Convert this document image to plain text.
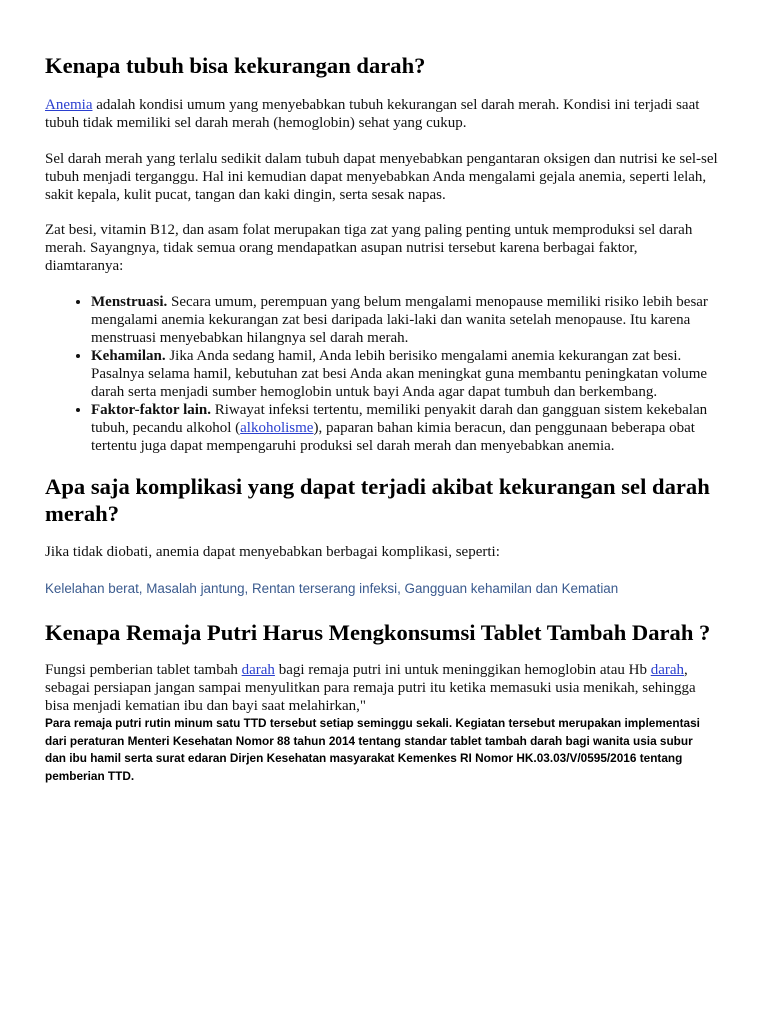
Kenapa tubuh bisa kekurangan darah?

Anemia adalah kondisi umum yang menyebabkan tubuh kekurangan sel darah merah. Kondisi ini terjadi saat
tubuh tidak memiliki sel darah merah (hemoglobin) sehat yang cukup.

Sel darah merah yang terlalu sedikit dalam tubuh dapat menyebabkan pengantaran oksigen dan nutrisi ke sel-sel
tubuh menjadi terganggu. Hal ini kemudian dapat menyebabkan Anda mengalami gejala anemia, seperti lelah,
sakit kepala, kulit pucat, tangan dan kaki dingin, serta sesak napas.

Zat besi, vitamin B12, dan asam folat merupakan tiga zat yang paling penting untuk memproduksi sel darah
merah. Sayangnya, tidak semua orang mendapatkan asupan nutrisi tersebut karena berbagai faktor,
diamtaranya:

• Menstruasi. Secara umum, perempuan yang belum mengalami menopause memiliki risiko lebih besar
mengalami anemia kekurangan zat besi daripada laki-laki dan wanita setelah menopause. Itu karena
menstruasi menyebabkan hilangnya sel darah merah.
• Kehamilan. Jika Anda sedang hamil, Anda lebih berisiko mengalami anemia kekurangan zat besi.
Pasalnya selama hamil, kebutuhan zat besi Anda akan meningkat guna membantu peningkatan volume
darah serta menjadi sumber hemoglobin untuk bayi Anda agar dapat tumbuh dan berkembang.
• Faktor-faktor lain. Riwayat infeksi tertentu, memiliki penyakit darah dan gangguan sistem kekebalan
tubuh, pecandu alkohol (alkoholisme), paparan bahan kimia beracun, dan penggunaan beberapa obat
tertentu juga dapat mempengaruhi produksi sel darah merah dan menyebabkan anemia.
Apa saja komplikasi yang dapat terjadi akibat kekurangan sel darah merah?

Jika tidak diobati, anemia dapat menyebabkan berbagai komplikasi, seperti:

Kelelahan berat, Masalah jantung, Rentan terserang infeksi, Gangguan kehamilan dan Kematian

Kenapa Remaja Putri Harus Mengkonsumsi Tablet Tambah Darah ?

Fungsi pemberian tablet tambah darah bagi remaja putri ini untuk meninggikan hemoglobin atau Hb darah,
sebagai persiapan jangan sampai menyulitkan para remaja putri itu ketika memasuki usia menikah, sehingga
bisa menjadi kematian ibu dan bayi saat melahirkan,"

Para remaja putri rutin minum satu TTD tersebut setiap seminggu sekali. Kegiatan tersebut merupakan implementasi
dari peraturan Menteri Kesehatan Nomor 88 tahun 2014 tentang standar tablet tambah darah bagi wanita usia subur
dan ibu hamil serta surat edaran Dirjen Kesehatan masyarakat Kemenkes RI Nomor HK.03.03/V/0595/2016 tentang
pemberian TTD.
